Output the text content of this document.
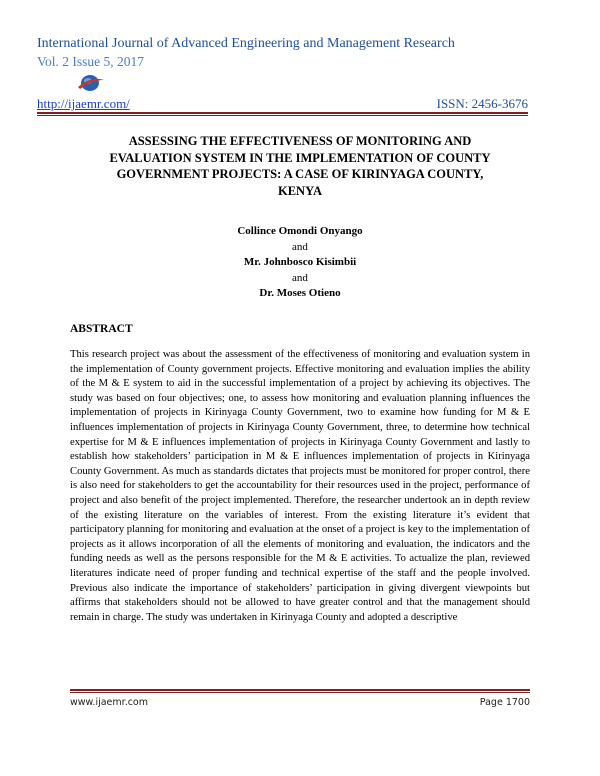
International Journal of Advanced Engineering and Management Research
Vol. 2 Issue 5, 2017
http://ijaemr.com/	ISSN: 2456-3676
ASSESSING THE EFFECTIVENESS OF MONITORING AND
EVALUATION SYSTEM IN THE IMPLEMENTATION OF COUNTY
GOVERNMENT PROJECTS: A CASE OF KIRINYAGA COUNTY,
KENYA
Collince Omondi Onyango
and
Mr. Johnbosco Kisimbii
and
Dr. Moses Otieno
ABSTRACT
This research project was about the assessment of the effectiveness of monitoring and evaluation system in the implementation of County government projects. Effective monitoring and evaluation implies the ability of the M & E system to aid in the successful implementation of a project by achieving its objectives. The study was based on four objectives; one, to assess how monitoring and evaluation planning influences the implementation of projects in Kirinyaga County Government, two to examine how funding for M & E influences implementation of projects in Kirinyaga County Government, three, to determine how technical expertise for M & E influences implementation of projects in Kirinyaga County Government and lastly to establish how stakeholders’ participation in M & E influences implementation of projects in Kirinyaga County Government. As much as standards dictates that projects must be monitored for proper control, there is also need for stakeholders to get the accountability for their resources used in the project, performance of project and also benefit of the project implemented. Therefore, the researcher undertook an in depth review of the existing literature on the variables of interest. From the existing literature it’s evident that participatory planning for monitoring and evaluation at the onset of a project is key to the implementation of projects as it allows incorporation of all the elements of monitoring and evaluation, the indicators and the funding needs as well as the persons responsible for the M & E activities. To actualize the plan, reviewed literatures indicate need of proper funding and technical expertise of the staff and the people involved. Previous also indicate the importance of stakeholders’ participation in giving divergent viewpoints but affirms that stakeholders should not be allowed to have greater control and that the management should remain in charge. The study was undertaken in Kirinyaga County and adopted a descriptive
www.ijaemr.com	Page 1700
